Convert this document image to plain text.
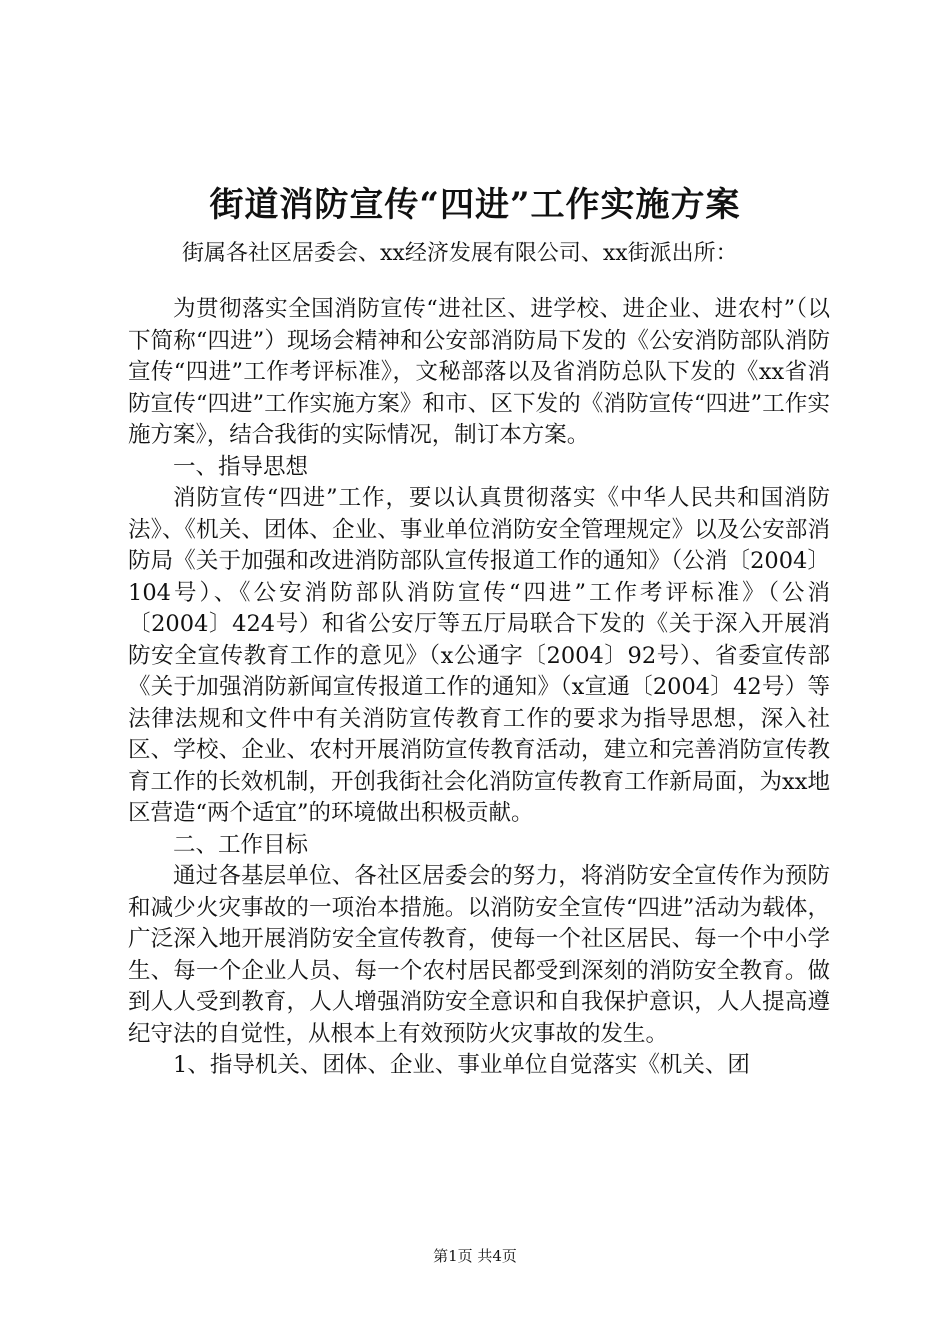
街道消防宣传“四进”工作实施方案

街属各社区居委会、xx经济发展有限公司、xx街派出所：

为贯彻落实全国消防宣传“进社区、进学校、进企业、进农村”（以下简称“四进”）现场会精神和公安部消防局下发的《公安消防部队消防宣传“四进”工作考评标准》，文秘部落以及省消防总队下发的《xx省消防宣传“四进”工作实施方案》和市、区下发的《消防宣传“四进”工作实施方案》，结合我街的实际情况，制订本方案。

一、指导思想

消防宣传“四进”工作，要以认真贯彻落实《中华人民共和国消防法》、《机关、团体、企业、事业单位消防安全管理规定》以及公安部消防局《关于加强和改进消防部队宣传报道工作的通知》（公消〔2004〕104号）、《公安消防部队消防宣传“四进”工作考评标准》（公消〔2004〕424号）和省公安厅等五厅局联合下发的《关于深入开展消防安全宣传教育工作的意见》（x公通字〔2004〕92号）、省委宣传部《关于加强消防新闻宣传报道工作的通知》（x宣通〔2004〕42号）等法律法规和文件中有关消防宣传教育工作的要求为指导思想，深入社区、学校、企业、农村开展消防宣传教育活动，建立和完善消防宣传教育工作的长效机制，开创我街社会化消防宣传教育工作新局面，为xx地区营造“两个适宜”的环境做出积极贡献。

二、工作目标

通过各基层单位、各社区居委会的努力，将消防安全宣传作为预防和减少火灾事故的一项治本措施。以消防安全宣传“四进”活动为载体，广泛深入地开展消防安全宣传教育，使每一个社区居民、每一个中小学生、每一个企业人员、每一个农村居民都受到深刻的消防安全教育。做到人人受到教育，人人增强消防安全意识和自我保护意识，人人提高遵纪守法的自觉性，从根本上有效预防火灾事故的发生。

1、指导机关、团体、企业、事业单位自觉落实《机关、团

第1页 共4页
